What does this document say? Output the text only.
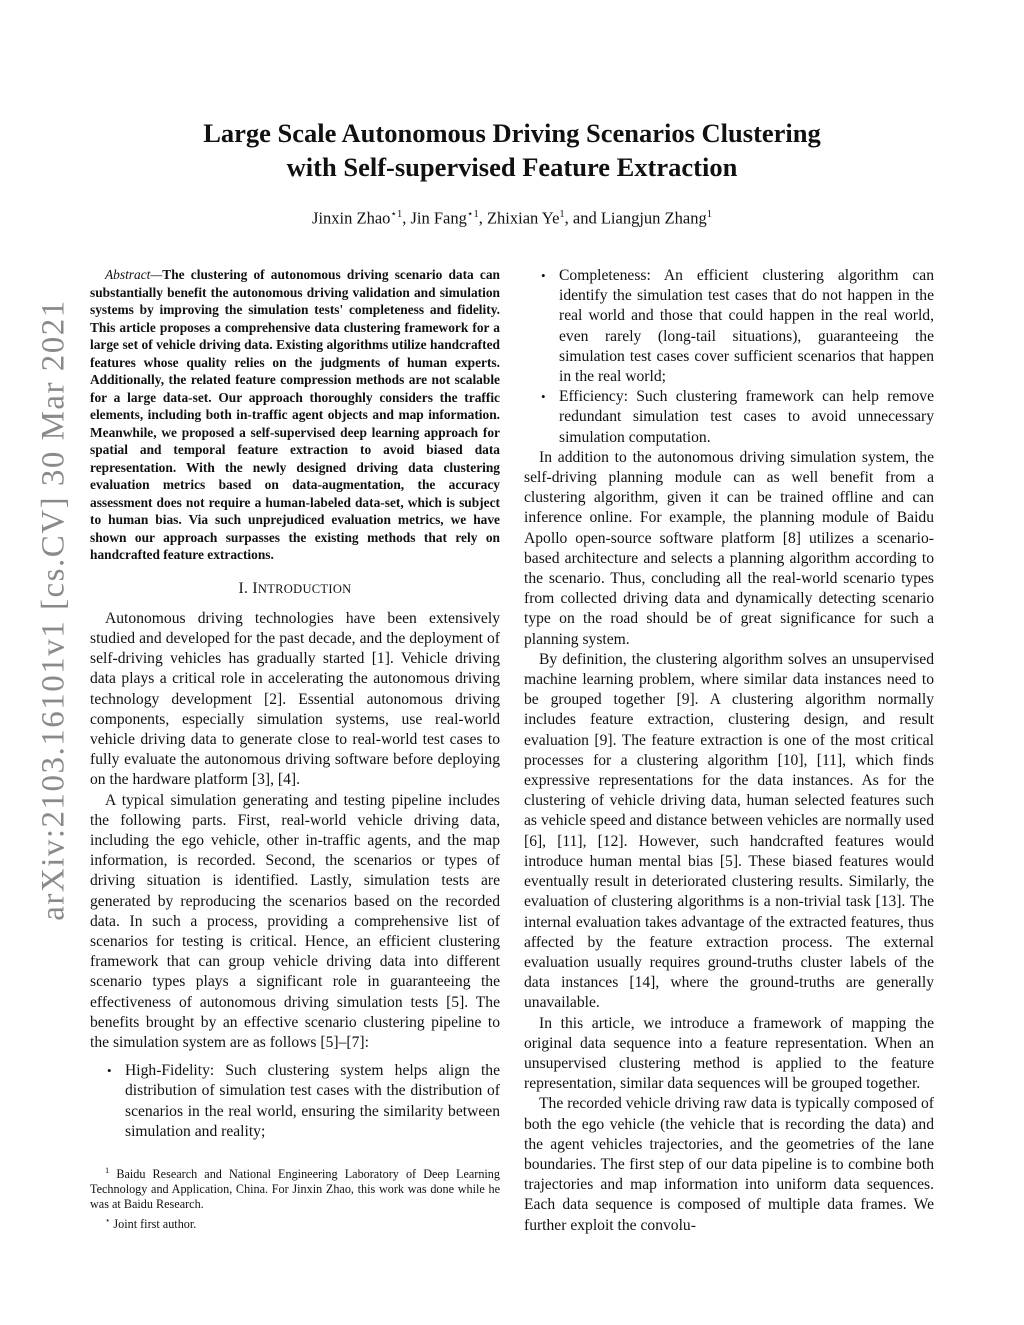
arXiv:2103.16101v1 [cs.CV] 30 Mar 2021
Large Scale Autonomous Driving Scenarios Clustering
with Self-supervised Feature Extraction
Jinxin Zhao$^{⋆1}$, Jin Fang$^{⋆1}$, Zhixian Ye$^1$, and Liangjun Zhang$^1$

Abstract—The clustering of autonomous driving scenario data can substantially benefit the autonomous driving validation and simulation systems by improving the simulation tests' completeness and fidelity. This article proposes a comprehensive data clustering framework for a large set of vehicle driving data. Existing algorithms utilize handcrafted features whose quality relies on the judgments of human experts. Additionally, the related feature compression methods are not scalable for a large data-set. Our approach thoroughly considers the traffic elements, including both in-traffic agent objects and map information. Meanwhile, we proposed a self-supervised deep learning approach for spatial and temporal feature extraction to avoid biased data representation. With the newly designed driving data clustering evaluation metrics based on data-augmentation, the accuracy assessment does not require a human-labeled data-set, which is subject to human bias. Via such unprejudiced evaluation metrics, we have shown our approach surpasses the existing methods that rely on handcrafted feature extractions.

I. INTRODUCTION

Autonomous driving technologies have been extensively studied and developed for the past decade, and the deployment of self-driving vehicles has gradually started [1]. Vehicle driving data plays a critical role in accelerating the autonomous driving technology development [2]. Essential autonomous driving components, especially simulation systems, use real-world vehicle driving data to generate close to real-world test cases to fully evaluate the autonomous driving software before deploying on the hardware platform [3], [4].

A typical simulation generating and testing pipeline includes the following parts. First, real-world vehicle driving data, including the ego vehicle, other in-traffic agents, and the map information, is recorded. Second, the scenarios or types of driving situation is identified. Lastly, simulation tests are generated by reproducing the scenarios based on the recorded data. In such a process, providing a comprehensive list of scenarios for testing is critical. Hence, an efficient clustering framework that can group vehicle driving data into different scenario types plays a significant role in guaranteeing the effectiveness of autonomous driving simulation tests [5]. The benefits brought by an effective scenario clustering pipeline to the simulation system are as follows [5]–[7]:

• High-Fidelity: Such clustering system helps align the distribution of simulation test cases with the distribution of scenarios in the real world, ensuring the similarity between simulation and reality;
• Completeness: An efficient clustering algorithm can identify the simulation test cases that do not happen in the real world and those that could happen in the real world, even rarely (long-tail situations), guaranteeing the simulation test cases cover sufficient scenarios that happen in the real world;
• Efficiency: Such clustering framework can help remove redundant simulation test cases to avoid unnecessary simulation computation.

In addition to the autonomous driving simulation system, the self-driving planning module can as well benefit from a clustering algorithm, given it can be trained offline and can inference online. For example, the planning module of Baidu Apollo open-source software platform [8] utilizes a scenario-based architecture and selects a planning algorithm according to the scenario. Thus, concluding all the real-world scenario types from collected driving data and dynamically detecting scenario type on the road should be of great significance for such a planning system.

By definition, the clustering algorithm solves an unsupervised machine learning problem, where similar data instances need to be grouped together [9]. A clustering algorithm normally includes feature extraction, clustering design, and result evaluation [9]. The feature extraction is one of the most critical processes for a clustering algorithm [10], [11], which finds expressive representations for the data instances. As for the clustering of vehicle driving data, human selected features such as vehicle speed and distance between vehicles are normally used [6], [11], [12]. However, such handcrafted features would introduce human mental bias [5]. These biased features would eventually result in deteriorated clustering results. Similarly, the evaluation of clustering algorithms is a non-trivial task [13]. The internal evaluation takes advantage of the extracted features, thus affected by the feature extraction process. The external evaluation usually requires ground-truths cluster labels of the data instances [14], where the ground-truths are generally unavailable.

In this article, we introduce a framework of mapping the original data sequence into a feature representation. When an unsupervised clustering method is applied to the feature representation, similar data sequences will be grouped together.

The recorded vehicle driving raw data is typically composed of both the ego vehicle (the vehicle that is recording the data) and the agent vehicles trajectories, and the geometries of the lane boundaries. The first step of our data pipeline is to combine both trajectories and map information into uniform data sequences. Each data sequence is composed of multiple data frames. We further exploit the convolu-

$^1$ Baidu Research and National Engineering Laboratory of Deep Learning Technology and Application, China. For Jinxin Zhao, this work was done while he was at Baidu Research.

⋆ Joint first author.
